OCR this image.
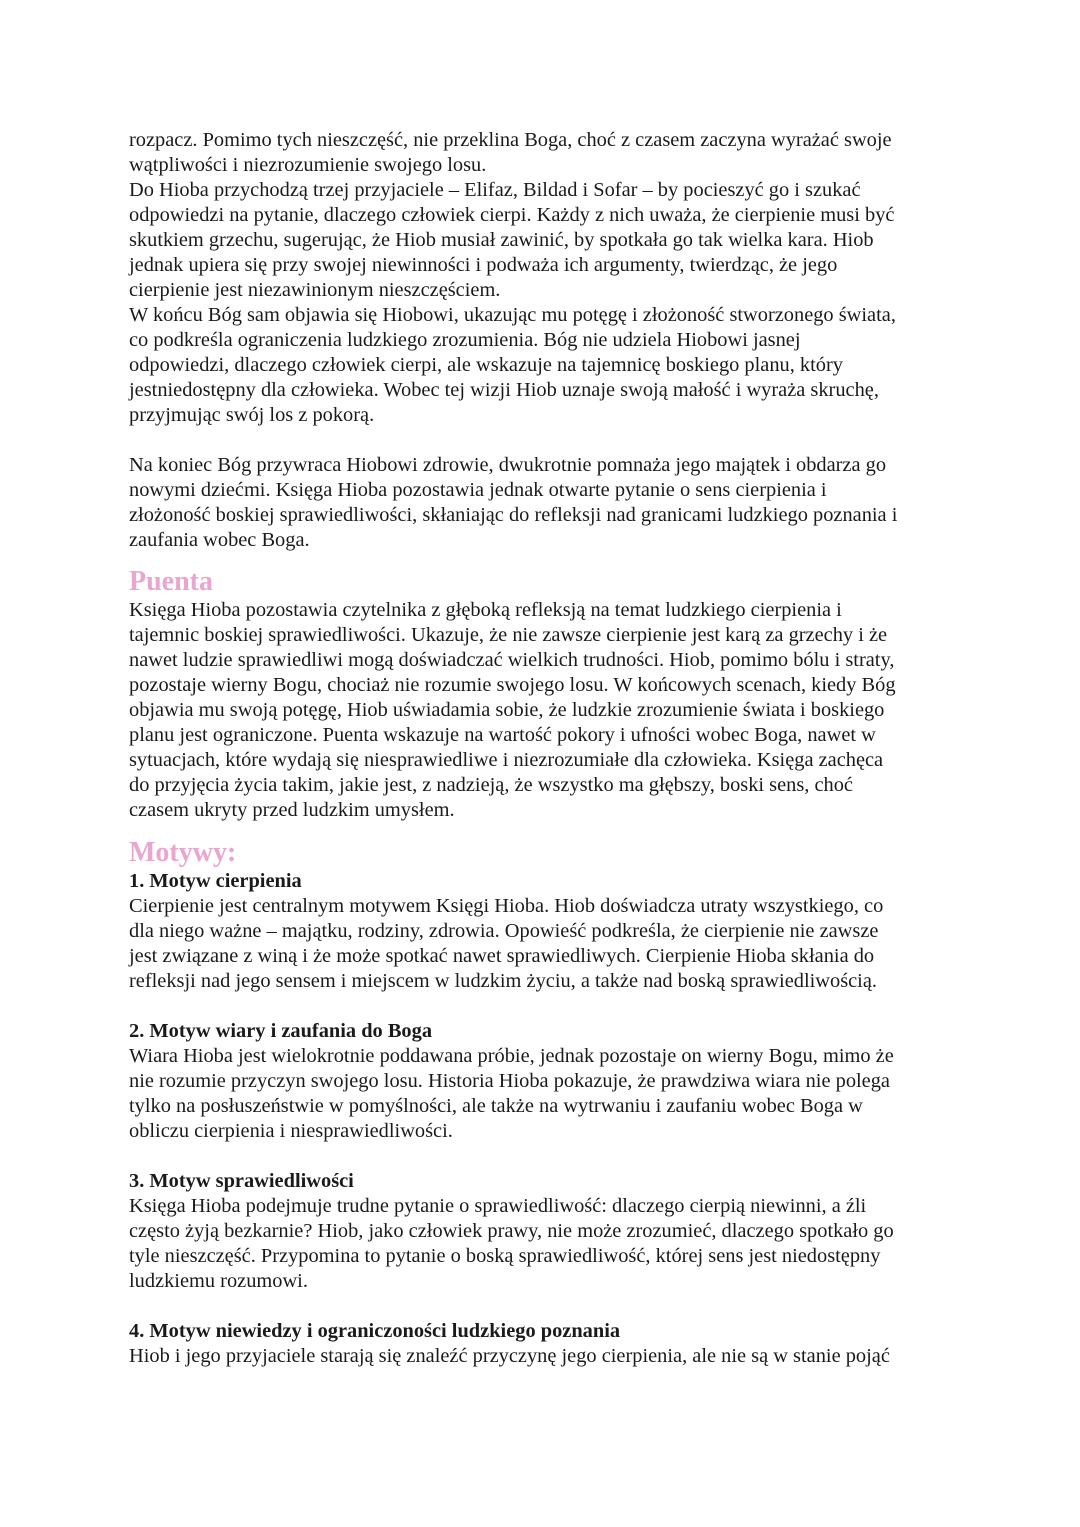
rozpacz. Pomimo tych nieszczęść, nie przeklina Boga, choć z czasem zaczyna wyrażać swoje
wątpliwości i niezrozumienie swojego losu.
Do Hioba przychodzą trzej przyjaciele – Elifaz, Bildad i Sofar – by pocieszyć go i szukać
odpowiedzi na pytanie, dlaczego człowiek cierpi. Każdy z nich uważa, że cierpienie musi być
skutkiem grzechu, sugerując, że Hiob musiał zawinić, by spotkała go tak wielka kara. Hiob
jednak upiera się przy swojej niewinności i podważa ich argumenty, twierdząc, że jego
cierpienie jest niezawinionym nieszczęściem.
W końcu Bóg sam objawia się Hiobowi, ukazując mu potęgę i złożoność stworzonego świata,
co podkreśla ograniczenia ludzkiego zrozumienia. Bóg nie udziela Hiobowi jasnej
odpowiedzi, dlaczego człowiek cierpi, ale wskazuje na tajemnicę boskiego planu, który
jestniedostępny dla człowieka. Wobec tej wizji Hiob uznaje swoją małość i wyraża skruchę,
przyjmując swój los z pokorą.
Na koniec Bóg przywraca Hiobowi zdrowie, dwukrotnie pomnaża jego majątek i obdarza go
nowymi dziećmi. Księga Hioba pozostawia jednak otwarte pytanie o sens cierpienia i
złożoność boskiej sprawiedliwości, skłaniając do refleksji nad granicami ludzkiego poznania i
zaufania wobec Boga.
Puenta
Księga Hioba pozostawia czytelnika z głęboką refleksją na temat ludzkiego cierpienia i
tajemnic boskiej sprawiedliwości. Ukazuje, że nie zawsze cierpienie jest karą za grzechy i że
nawet ludzie sprawiedliwi mogą doświadczać wielkich trudności. Hiob, pomimo bólu i straty,
pozostaje wierny Bogu, chociaż nie rozumie swojego losu. W końcowych scenach, kiedy Bóg
objawia mu swoją potęgę, Hiob uświadamia sobie, że ludzkie zrozumienie świata i boskiego
planu jest ograniczone. Puenta wskazuje na wartość pokory i ufności wobec Boga, nawet w
sytuacjach, które wydają się niesprawiedliwe i niezrozumiałe dla człowieka. Księga zachęca
do przyjęcia życia takim, jakie jest, z nadzieją, że wszystko ma głębszy, boski sens, choć
czasem ukryty przed ludzkim umysłem.
Motywy:
1. Motyw cierpienia
Cierpienie jest centralnym motywem Księgi Hioba. Hiob doświadcza utraty wszystkiego, co
dla niego ważne – majątku, rodziny, zdrowia. Opowieść podkreśla, że cierpienie nie zawsze
jest związane z winą i że może spotkać nawet sprawiedliwych. Cierpienie Hioba skłania do
refleksji nad jego sensem i miejscem w ludzkim życiu, a także nad boską sprawiedliwością.
2. Motyw wiary i zaufania do Boga
Wiara Hioba jest wielokrotnie poddawana próbie, jednak pozostaje on wierny Bogu, mimo że
nie rozumie przyczyn swojego losu. Historia Hioba pokazuje, że prawdziwa wiara nie polega
tylko na posłuszeństwie w pomyślności, ale także na wytrwaniu i zaufaniu wobec Boga w
obliczu cierpienia i niesprawiedliwości.
3. Motyw sprawiedliwości
Księga Hioba podejmuje trudne pytanie o sprawiedliwość: dlaczego cierpią niewinni, a źli
często żyją bezkarnie? Hiob, jako człowiek prawy, nie może zrozumieć, dlaczego spotkało go
tyle nieszczęść. Przypomina to pytanie o boską sprawiedliwość, której sens jest niedostępny
ludzkiemu rozumowi.
4. Motyw niewiedzy i ograniczoności ludzkiego poznania
Hiob i jego przyjaciele starają się znaleźć przyczynę jego cierpienia, ale nie są w stanie pojąć
